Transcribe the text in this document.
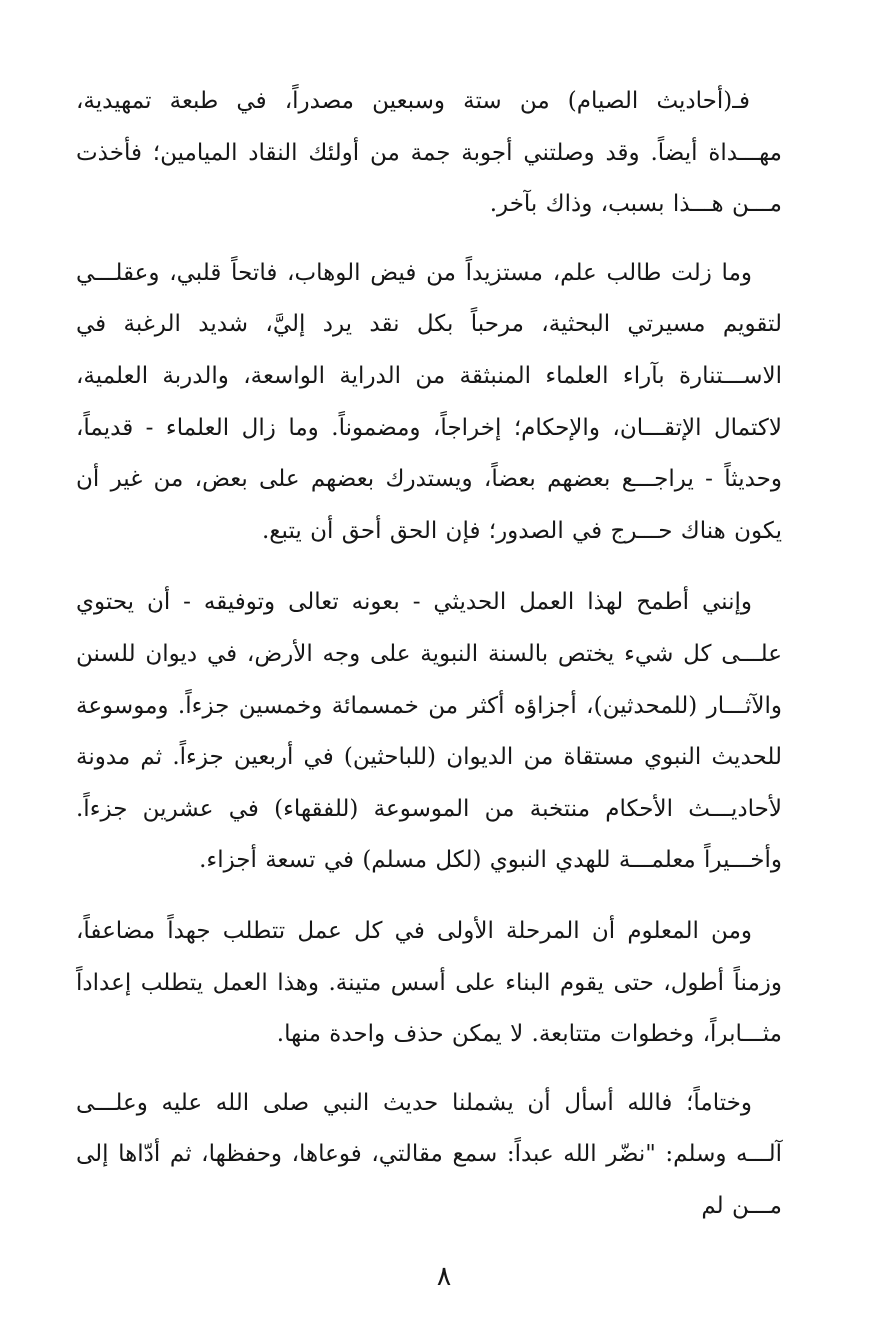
فـ(أحاديث الصيام) من ستة وسبعين مصدراً، في طبعة تمهيدية، مهـــداة أيضاً. وقد وصلتني أجوبة جمة من أولئك النقاد الميامين؛ فأخذت مـــن هـــذا بسبب، وذاك بآخر.

وما زلت طالب علم، مستزيداً من فيض الوهاب، فاتحاً قلبي، وعقلـــي لتقويم مسيرتي البحثية، مرحباً بكل نقد يرد إليَّ، شديد الرغبة في الاســـتنارة بآراء العلماء المنبثقة من الدراية الواسعة، والدربة العلمية، لاكتمال الإتقـــان، والإحكام؛ إخراجاً، ومضموناً. وما زال العلماء - قديماً، وحديثاً - يراجـــع بعضهم بعضاً، ويستدرك بعضهم على بعض، من غير أن يكون هناك حـــرج في الصدور؛ فإن الحق أحق أن يتبع.

وإنني أطمح لهذا العمل الحديثي - بعونه تعالى وتوفيقه - أن يحتوي علـــى كل شيء يختص بالسنة النبوية على وجه الأرض، في ديوان للسنن والآثـــار (للمحدثين)، أجزاؤه أكثر من خمسمائة وخمسين جزءاً. وموسوعة للحديث النبوي مستقاة من الديوان (للباحثين) في أربعين جزءاً. ثم مدونة لأحاديـــث الأحكام منتخبة من الموسوعة (للفقهاء) في عشرين جزءاً. وأخـــيراً معلمـــة للهدي النبوي (لكل مسلم) في تسعة أجزاء.

ومن المعلوم أن المرحلة الأولى في كل عمل تتطلب جهداً مضاعفاً، وزمناً أطول، حتى يقوم البناء على أسس متينة. وهذا العمل يتطلب إعداداً مثـــابراً، وخطوات متتابعة. لا يمكن حذف واحدة منها.

وختاماً؛ فالله أسأل أن يشملنا حديث النبي صلى الله عليه وعلـــى آلـــه وسلم: "نضّر الله عبداً: سمع مقالتي، فوعاها، وحفظها، ثم أدّاها إلى مـــن لم

٨
